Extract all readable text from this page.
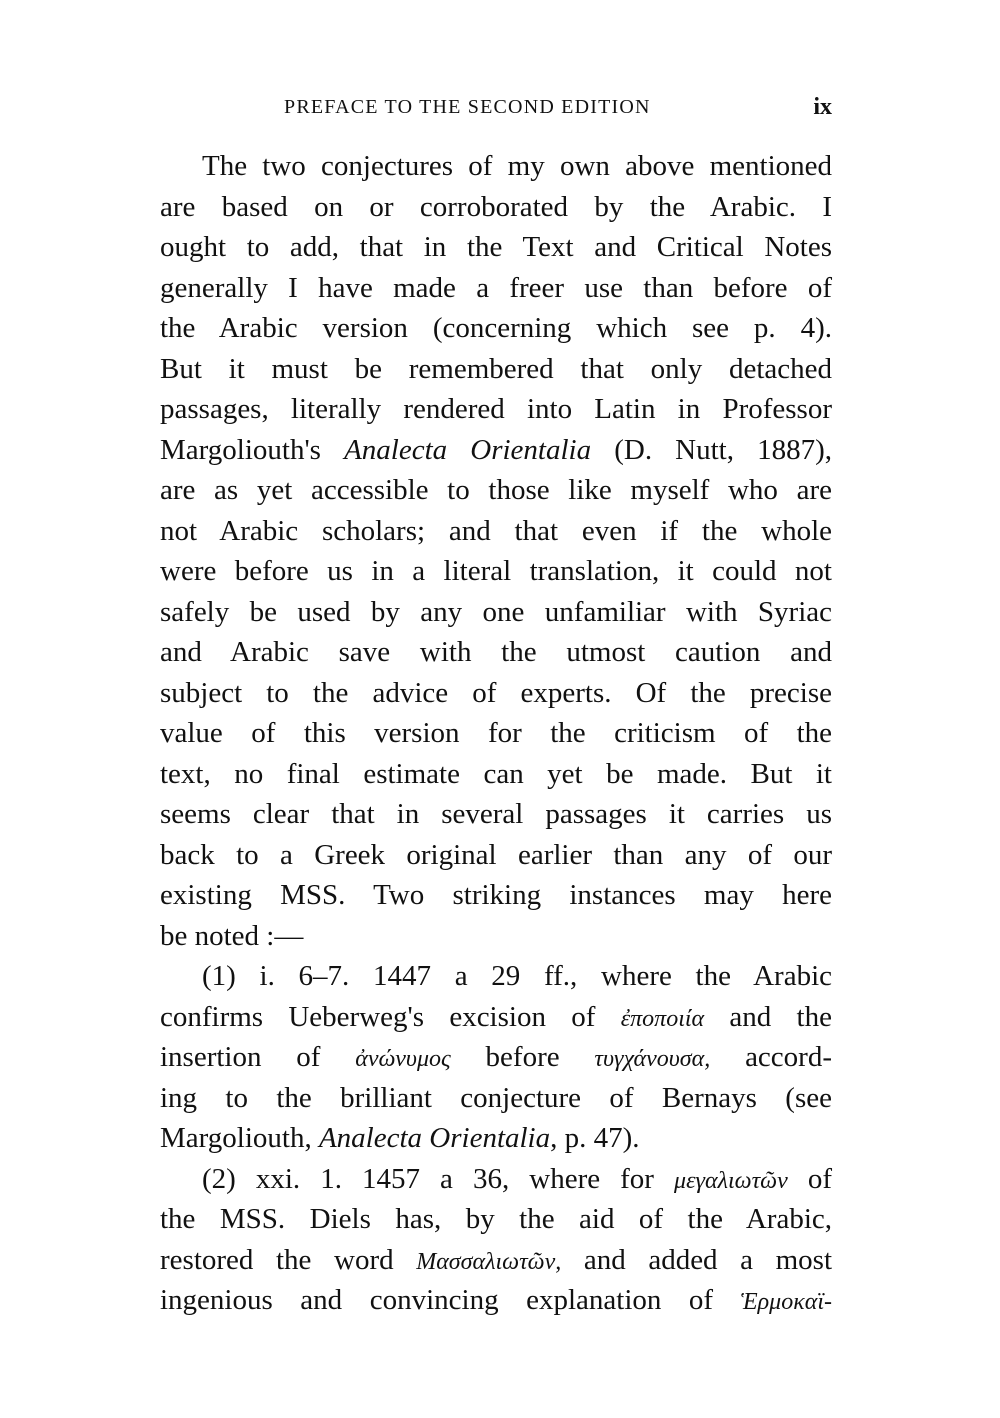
PREFACE TO THE SECOND EDITION	ix
The two conjectures of my own above mentioned
are based on or corroborated by the Arabic. I
ought to add, that in the Text and Critical Notes
generally I have made a freer use than before of
the Arabic version (concerning which see p. 4).
But it must be remembered that only detached
passages, literally rendered into Latin in Professor
Margoliouth's Analecta Orientalia (D. Nutt, 1887),
are as yet accessible to those like myself who are
not Arabic scholars; and that even if the whole
were before us in a literal translation, it could not
safely be used by any one unfamiliar with Syriac
and Arabic save with the utmost caution and
subject to the advice of experts. Of the precise
value of this version for the criticism of the
text, no final estimate can yet be made. But it
seems clear that in several passages it carries us
back to a Greek original earlier than any of our
existing MSS. Two striking instances may here
be noted :—
(1) i. 6–7. 1447 a 29 ff., where the Arabic
confirms Ueberweg's excision of ἐποποιία and the
insertion of ἀνώνυμος before τυγχάνουσα, accord-
ing to the brilliant conjecture of Bernays (see
Margoliouth, Analecta Orientalia, p. 47).
(2) xxi. 1. 1457 a 36, where for μεγαλιωτῶν of
the MSS. Diels has, by the aid of the Arabic,
restored the word Μασσαλιωτῶν, and added a most
ingenious and convincing explanation of Ἑρμοκαϊ-
